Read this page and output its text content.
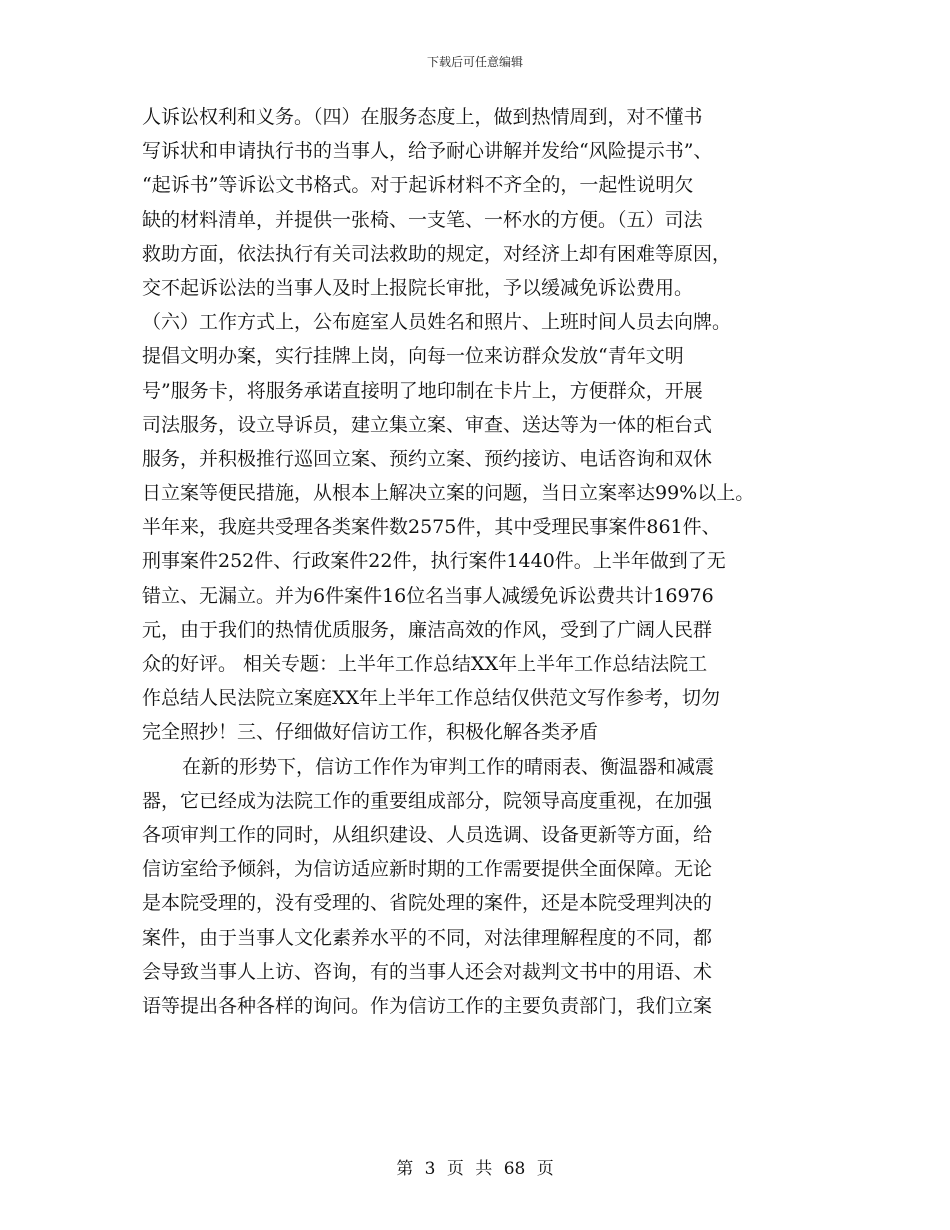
下载后可任意编辑
人诉讼权利和义务。（四）在服务态度上，做到热情周到，对不懂书
写诉状和申请执行书的当事人，给予耐心讲解并发给“风险提示书”、
“起诉书”等诉讼文书格式。对于起诉材料不齐全的，一起性说明欠
缺的材料清单，并提供一张椅、一支笔、一杯水的方便。（五）司法
救助方面，依法执行有关司法救助的规定，对经济上却有困难等原因，
交不起诉讼法的当事人及时上报院长审批，予以缓减免诉讼费用。
（六）工作方式上，公布庭室人员姓名和照片、上班时间人员去向牌。
提倡文明办案，实行挂牌上岗，向每一位来访群众发放“青年文明
号”服务卡，将服务承诺直接明了地印制在卡片上，方便群众，开展
司法服务，设立导诉员，建立集立案、审查、送达等为一体的柜台式
服务，并积极推行巡回立案、预约立案、预约接访、电话咨询和双休
日立案等便民措施，从根本上解决立案的问题，当日立案率达99%以上。
半年来，我庭共受理各类案件数2575件，其中受理民事案件861件、
刑事案件252件、行政案件22件，执行案件1440件。上半年做到了无
错立、无漏立。并为6件案件16位名当事人减缓免诉讼费共计16976
元，由于我们的热情优质服务，廉洁高效的作风，受到了广阔人民群
众的好评。 相关专题：上半年工作总结XX年上半年工作总结法院工
作总结人民法院立案庭XX年上半年工作总结仅供范文写作参考，切勿
完全照抄！三、仔细做好信访工作，积极化解各类矛盾
在新的形势下，信访工作作为审判工作的晴雨表、衡温器和减震
器，它已经成为法院工作的重要组成部分，院领导高度重视，在加强
各项审判工作的同时，从组织建设、人员选调、设备更新等方面，给
信访室给予倾斜，为信访适应新时期的工作需要提供全面保障。无论
是本院受理的，没有受理的、省院处理的案件，还是本院受理判决的
案件，由于当事人文化素养水平的不同，对法律理解程度的不同，都
会导致当事人上访、咨询，有的当事人还会对裁判文书中的用语、术
语等提出各种各样的询问。作为信访工作的主要负责部门，我们立案
第 3 页 共 68 页
